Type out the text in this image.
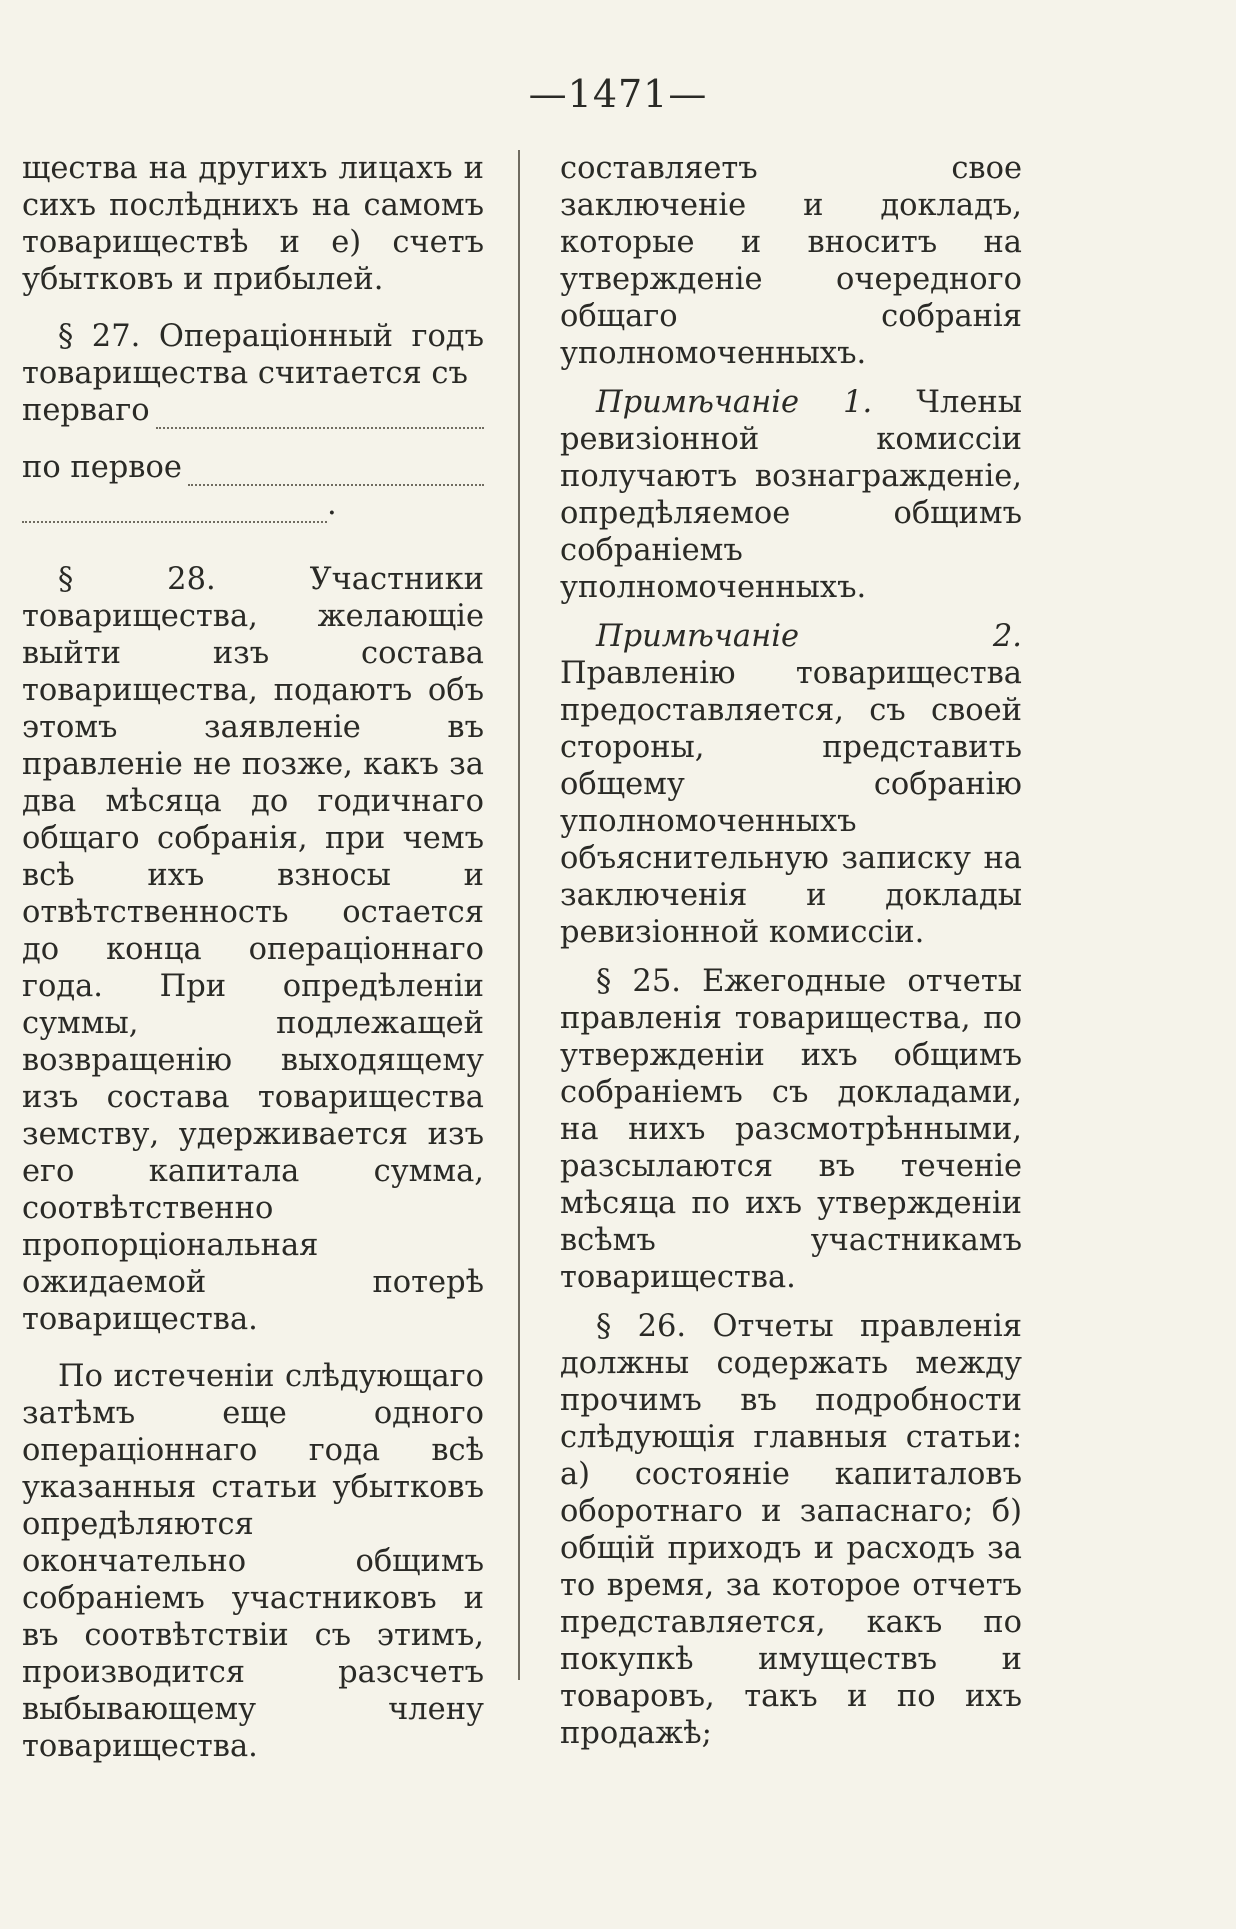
—1471—

щества на другихъ лицахъ и сихъ послѣднихъ на самомъ товариществѣ и е) счетъ убытковъ и прибылей.

§ 27. Операціонный годъ товарищества считается съ

перваго

по первое

.

§ 28. Участники товарищества, желающіе выйти изъ состава товарищества, подаютъ объ этомъ заявленіе въ правленіе не позже, какъ за два мѣсяца до годичнаго общаго собранія, при чемъ всѣ ихъ взносы и отвѣтственность остается до конца операціоннаго года. При опредѣленіи суммы, подлежащей возвращенію выходящему изъ состава товарищества земству, удерживается изъ его капитала сумма, соотвѣтственно пропорціональная ожидаемой потерѣ товарищества.

По истеченіи слѣдующаго затѣмъ еще одного операціоннаго года всѣ указанныя статьи убытковъ опредѣляются окончательно общимъ собраніемъ участниковъ и въ соотвѣтствіи съ этимъ, производится разсчетъ выбывающему члену товарищества.

составляетъ свое заключеніе и докладъ, которые и вноситъ на утвержденіе очередного общаго собранія уполномоченныхъ.

Примѣчаніе 1. Члены ревизіонной комиссіи получаютъ вознагражденіе, опредѣляемое общимъ собраніемъ уполномоченныхъ.

Примѣчаніе 2. Правленію товарищества предоставляется, съ своей стороны, представить общему собранію уполномоченныхъ объяснительную записку на заключенія и доклады ревизіонной комиссіи.

§ 25. Ежегодные отчеты правленія товарищества, по утвержденіи ихъ общимъ собраніемъ съ докладами, на нихъ разсмотрѣнными, разсылаются въ теченіе мѣсяца по ихъ утвержденіи всѣмъ участникамъ товарищества.

§ 26. Отчеты правленія должны содержать между прочимъ въ подробности слѣдующія главныя статьи: а) состояніе капиталовъ оборотнаго и запаснаго; б) общій приходъ и расходъ за то время, за которое отчетъ представляется, какъ по покупкѣ имуществъ и товаровъ, такъ и по ихъ продажѣ;
